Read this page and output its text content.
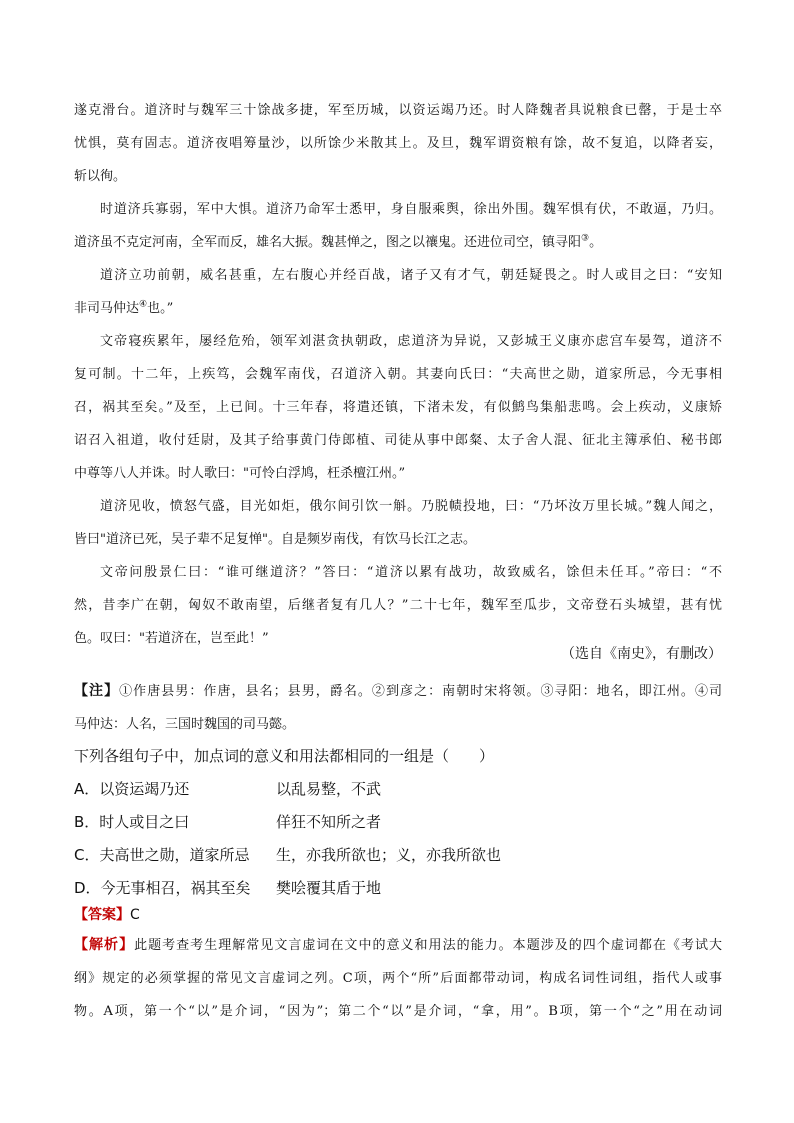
遂克滑台。道济时与魏军三十馀战多捷，军至历城，以资运竭乃还。时人降魏者具说粮食已罄，于是士卒
忧惧，莫有固志。道济夜唱筹量沙，以所馀少米散其上。及旦，魏军谓资粮有馀，故不复追，以降者妄，
斩以徇。
时道济兵寡弱，军中大惧。道济乃命军士悉甲，身自服乘舆，徐出外围。魏军惧有伏，不敢逼，乃归。
道济虽不克定河南，全军而反，雄名大振。魏甚惮之，图之以禳鬼。还进位司空，镇寻阳③。
道济立功前朝，威名甚重，左右腹心并经百战，诸子又有才气，朝廷疑畏之。时人或目之曰：“安知
非司马仲达④也。”
文帝寝疾累年，屡经危殆，领军刘湛贪执朝政，虑道济为异说，又彭城王义康亦虑宫车晏驾，道济不
复可制。十二年，上疾笃，会魏军南伐，召道济入朝。其妻向氏曰：“夫高世之勋，道家所忌，今无事相
召，祸其至矣。”及至，上已间。十三年春，将遣还镇，下渚未发，有似鹪鸟集船悲鸣。会上疾动，义康矫
诏召入祖道，收付廷尉，及其子给事黄门侍郎植、司徒从事中郎粲、太子舍人混、征北主簿承伯、秘书郎
中尊等八人并诛。时人歌曰："可怜白浮鸠，枉杀檀江州。”
道济见收，愤怒气盛，目光如炬，俄尔间引饮一斛。乃脱帻投地，曰：“乃坏汝万里长城。”魏人闻之，
皆曰"道济已死，吴子辈不足复惮"。自是频岁南伐，有饮马长江之志。
文帝问殷景仁曰：“谁可继道济？”答曰：“道济以累有战功，故致威名，馀但未任耳。”帝曰：“不
然，昔李广在朝，匈奴不敢南望，后继者复有几人？”二十七年，魏军至瓜步，文帝登石头城望，甚有忧
色。叹曰："若道济在，岂至此！”
（选自《南史》，有删改）
【注】①作唐县男：作唐，县名；县男，爵名。②到彦之：南朝时宋将领。③寻阳：地名，即江州。④司
马仲达：人名，三国时魏国的司马懿。
下列各组句子中，加点词的意义和用法都相同的一组是（　　）
A．以资运竭乃还	以乱易整，不武
B．时人或目之曰	佯狂不知所之者
C．夫高世之勋，道家所忌 生，亦我所欲也；义，亦我所欲也
D．今无事相召，祸其至矣 樊哙覆其盾于地
【答案】C
【解析】此题考查考生理解常见文言虚词在文中的意义和用法的能力。本题涉及的四个虚词都在《考试大
纲》规定的必须掌握的常见文言虚词之列。C项，两个“所”后面都带动词，构成名词性词组，指代人或事
物。A项，第一个“以”是介词，“因为”；第二个“以”是介词，“拿，用”。B项，第一个“之”用在动词
